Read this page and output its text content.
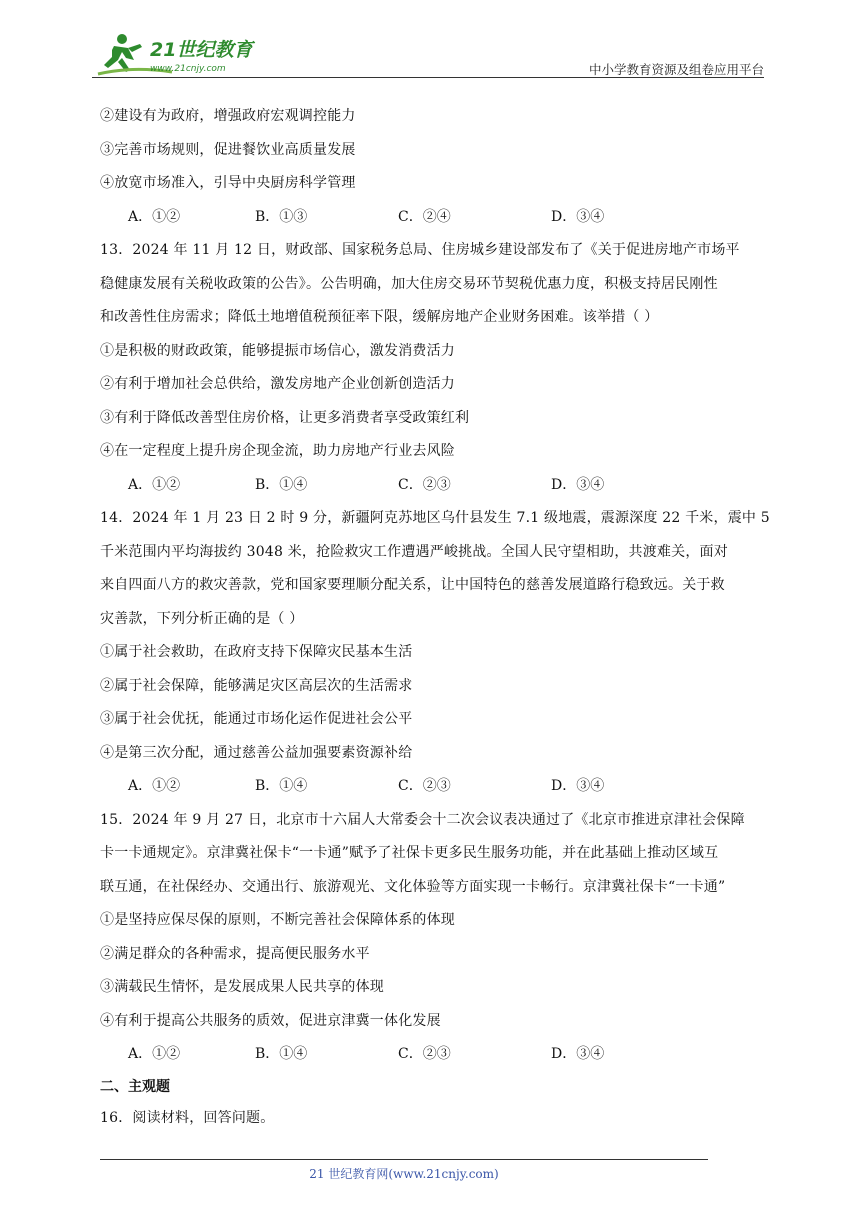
21世纪教育
www.21cnjy.com	中小学教育资源及组卷应用平台
②建设有为政府，增强政府宏观调控能力
③完善市场规则，促进餐饮业高质量发展
④放宽市场准入，引导中央厨房科学管理
A．①②	B．①③	C．②④	D．③④
13．2024 年 11 月 12 日，财政部、国家税务总局、住房城乡建设部发布了《关于促进房地产市场平
稳健康发展有关税收政策的公告》。公告明确，加大住房交易环节契税优惠力度，积极支持居民刚性
和改善性住房需求；降低土地增值税预征率下限，缓解房地产企业财务困难。该举措（ ）
①是积极的财政政策，能够提振市场信心，激发消费活力
②有利于增加社会总供给，激发房地产企业创新创造活力
③有利于降低改善型住房价格，让更多消费者享受政策红利
④在一定程度上提升房企现金流，助力房地产行业去风险
A．①②	B．①④	C．②③	D．③④
14．2024 年 1 月 23 日 2 时 9 分，新疆阿克苏地区乌什县发生 7.1 级地震，震源深度 22 千米，震中 5
千米范围内平均海拔约 3048 米，抢险救灾工作遭遇严峻挑战。全国人民守望相助，共渡难关，面对
来自四面八方的救灾善款，党和国家要理顺分配关系，让中国特色的慈善发展道路行稳致远。关于救
灾善款，下列分析正确的是（ ）
①属于社会救助，在政府支持下保障灾民基本生活
②属于社会保障，能够满足灾区高层次的生活需求
③属于社会优抚，能通过市场化运作促进社会公平
④是第三次分配，通过慈善公益加强要素资源补给
A．①②	B．①④	C．②③	D．③④
15．2024 年 9 月 27 日，北京市十六届人大常委会十二次会议表决通过了《北京市推进京津社会保障
卡一卡通规定》。京津冀社保卡“一卡通”赋予了社保卡更多民生服务功能，并在此基础上推动区域互
联互通，在社保经办、交通出行、旅游观光、文化体验等方面实现一卡畅行。京津冀社保卡“一卡通”
①是坚持应保尽保的原则，不断完善社会保障体系的体现
②满足群众的各种需求，提高便民服务水平
③满载民生情怀，是发展成果人民共享的体现
④有利于提高公共服务的质效，促进京津冀一体化发展
A．①②	B．①④	C．②③	D．③④
二、主观题
16．阅读材料，回答问题。
21 世纪教育网(www.21cnjy.com)
